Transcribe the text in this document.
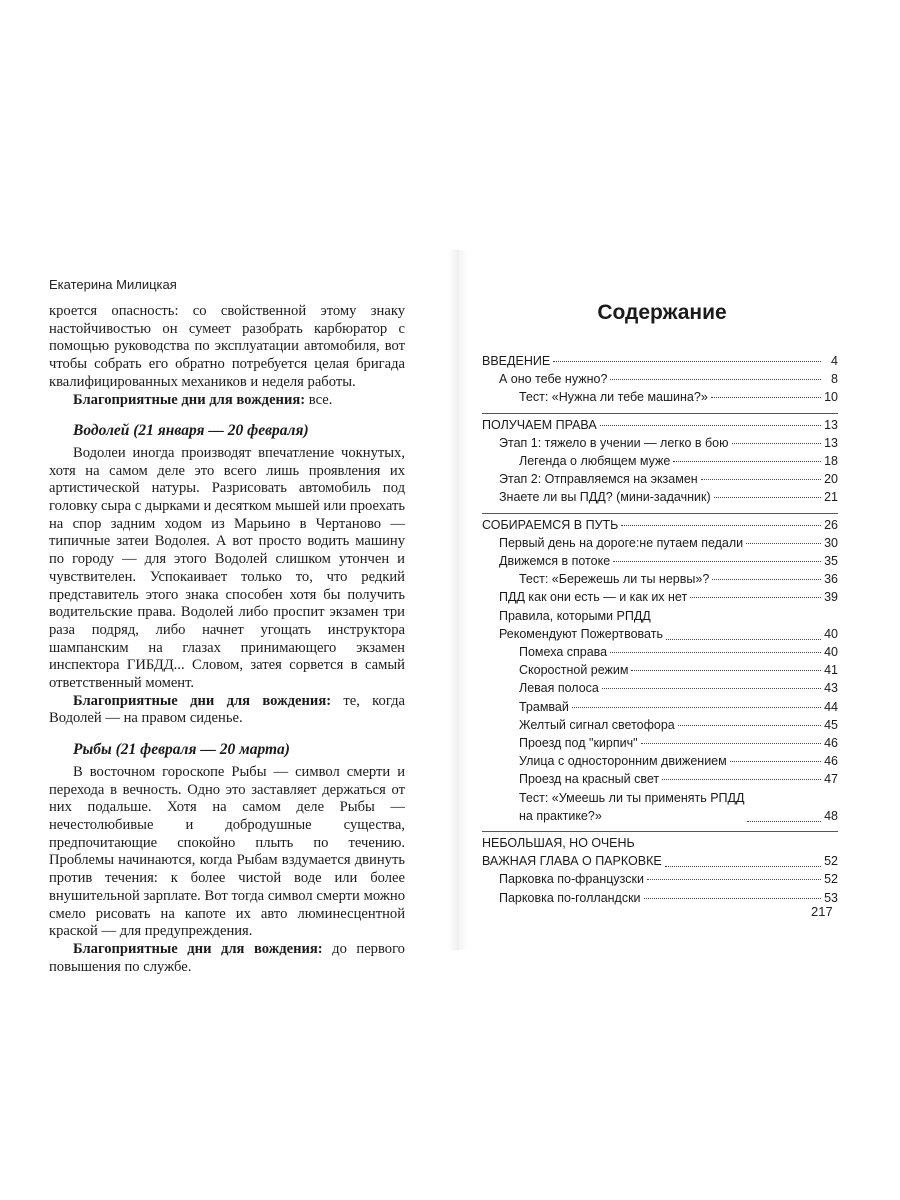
Екатерина Милицкая

кроется опасность: со свойственной этому знаку настойчивостью он сумеет разобрать карбюратор с помощью руководства по эксплуатации автомобиля, вот чтобы собрать его обратно потребуется целая бригада квалифицированных механиков и неделя работы.

Благоприятные дни для вождения: все.

Водолей (21 января — 20 февраля)

Водолеи иногда производят впечатление чокнутых, хотя на самом деле это всего лишь проявления их артистической натуры. Разрисовать автомобиль под головку сыра с дырками и десятком мышей или проехать на спор задним ходом из Марьино в Чертаново — типичные затеи Водолея. А вот просто водить машину по городу — для этого Водолей слишком утончен и чувствителен. Успокаивает только то, что редкий представитель этого знака способен хотя бы получить водительские права. Водолей либо проспит экзамен три раза подряд, либо начнет угощать инструктора шампанским на глазах принимающего экзамен инспектора ГИБДД... Словом, затея сорвется в самый ответственный момент.

Благоприятные дни для вождения: те, когда Водолей — на правом сиденье.

Рыбы (21 февраля — 20 марта)

В восточном гороскопе Рыбы — символ смерти и перехода в вечность. Одно это заставляет держаться от них подальше. Хотя на самом деле Рыбы — нечестолюбивые и добродушные существа, предпочитающие спокойно плыть по течению. Проблемы начинаются, когда Рыбам вздумается двинуть против течения: к более чистой воде или более внушительной зарплате. Вот тогда символ смерти можно смело рисовать на капоте их авто люминесцентной краской — для предупреждения.

Благоприятные дни для вождения: до первого повышения по службе.

Содержание
ВВЕДЕНИЕ	4
А оно тебе нужно?	8
Тест: «Нужна ли тебе машина?»	10
ПОЛУЧАЕМ ПРАВА	13
Этап 1: тяжело в учении — легко в бою	13
Легенда о любящем муже	18
Этап 2: Отправляемся на экзамен	20
Знаете ли вы ПДД? (мини-задачник)	21
СОБИРАЕМСЯ В ПУТЬ	26
Первый день на дороге:не путаем педали	30
Движемся в потоке	35
Тест: «Бережешь ли ты нервы»?	36
ПДД как они есть — и как их нет	39
Правила, которыми РПДД
Рекомендуют Пожертвовать	40
Помеха справа	40
Скоростной режим	41
Левая полоса	43
Трамвай	44
Желтый сигнал светофора	45
Проезд под "кирпич"	46
Улица с односторонним движением	46
Проезд на красный свет	47
Тест: «Умеешь ли ты применять РПДД
на практике?»	48
НЕБОЛЬШАЯ, НО ОЧЕНЬ
ВАЖНАЯ ГЛАВА О ПАРКОВКЕ	52
Парковка по-французски	52
Парковка по-голландски	53
217
